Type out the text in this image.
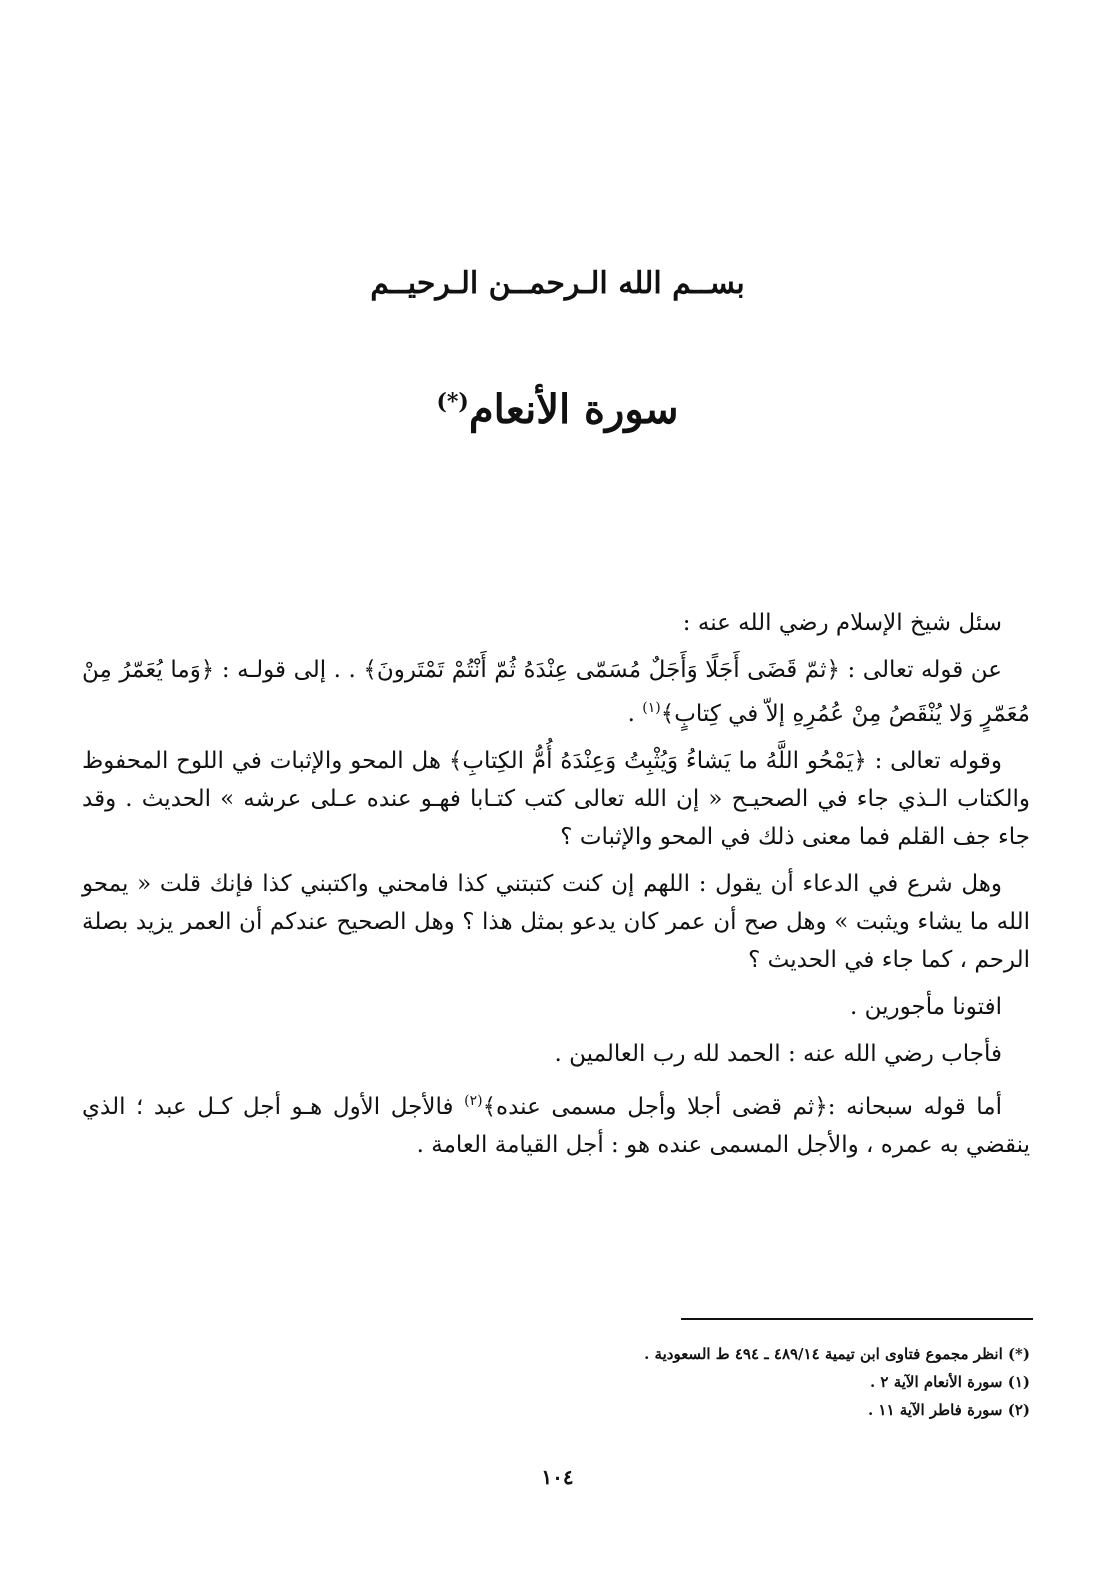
بســم الله الـرحمــن الـرحيــم
سورة الأنعام(*)

سئل شيخ الإسلام رضي الله عنه :

عن قوله تعالى : ﴿ثمّ قَضَى أَجَلًا وَأَجَلٌ مُسَمّى عِنْدَهُ ثُمّ أَنْتُمْ تَمْتَرونَ﴾ . . إلى قولـه : ﴿وَما يُعَمّرُ مِنْ مُعَمّرٍ وَلا يُنْقَصُ مِنْ عُمُرِهِ إلاّ في كِتابٍ﴾$^{(١)}$ .

وقوله تعالى : ﴿يَمْحُو اللَّهُ ما يَشاءُ وَيُثْبِتُ وَعِنْدَهُ أُمُّ الكِتابِ﴾ هل المحو والإثبات في اللوح المحفوظ والكتاب الـذي جاء في الصحيـح « إن الله تعالى كتب كتـابا فهـو عنده عـلى عرشه » الحديث . وقد جاء جف القلم فما معنى ذلك في المحو والإثبات ؟

وهل شرع في الدعاء أن يقول : اللهم إن كنت كتبتني كذا فامحني واكتبني كذا فإنك قلت « يمحو الله ما يشاء ويثبت » وهل صح أن عمر كان يدعو بمثل هذا ؟ وهل الصحيح عندكم أن العمر يزيد بصلة الرحم ، كما جاء في الحديث ؟

افتونا مأجورين .

فأجاب رضي الله عنه : الحمد لله رب العالمين .

أما قوله سبحانه :﴿ثم قضى أجلا وأجل مسمى عنده﴾$^{(٢)}$ فالأجل الأول هـو أجل كـل عبد ؛ الذي ينقضي به عمره ، والأجل المسمى عنده هو : أجل القيامة العامة .

(*) انظر مجموع فتاوى ابن تيمية ٤٨٩/١٤ ـ ٤٩٤ ط السعودية .
(١) سورة الأنعام الآية ٢ .
(٢) سورة فاطر الآية ١١ .
١٠٤
